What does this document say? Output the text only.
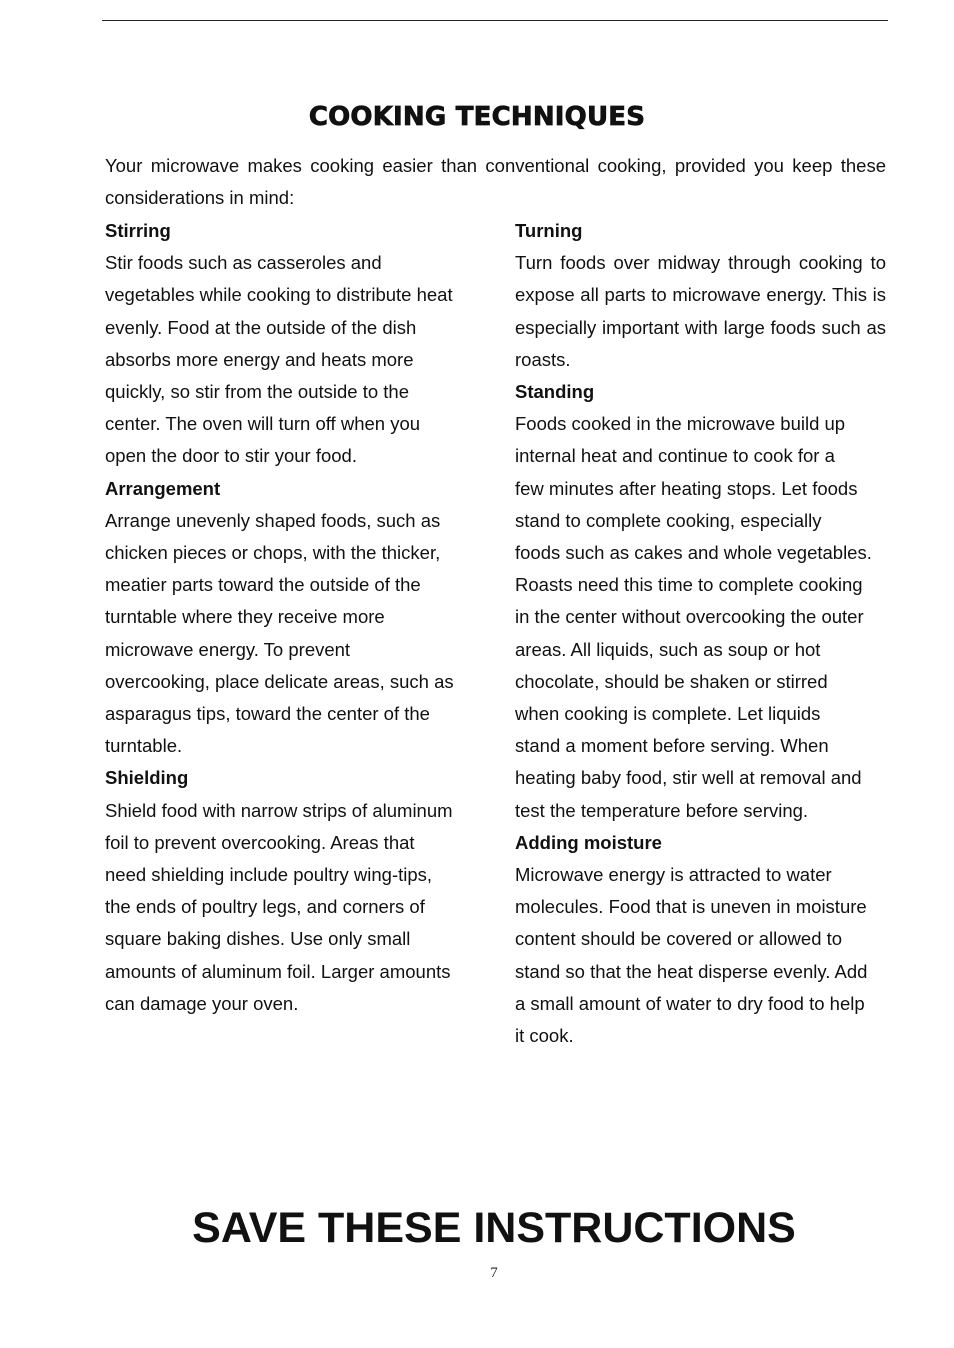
COOKING TECHNIQUES

Your microwave makes cooking easier than conventional cooking, provided you keep these considerations in mind:

Stirring

Stir foods such as casseroles and
vegetables while cooking to distribute heat
evenly. Food at the outside of the dish
absorbs more energy and heats more
quickly, so stir from the outside to the
center. The oven will turn off when you
open the door to stir your food.

Arrangement

Arrange unevenly shaped foods, such as
chicken pieces or chops, with the thicker,
meatier parts toward the outside of the
turntable where they receive more
microwave energy. To prevent
overcooking, place delicate areas, such as
asparagus tips, toward the center of the
turntable.

Shielding

Shield food with narrow strips of aluminum
foil to prevent overcooking. Areas that
need shielding include poultry wing-tips,
the ends of poultry legs, and corners of
square baking dishes. Use only small
amounts of aluminum foil. Larger amounts
can damage your oven.

Turning

Turn foods over midway through cooking to expose all parts to microwave energy. This is especially important with large foods such as roasts.

Standing

Foods cooked in the microwave build up
internal heat and continue to cook for a
few minutes after heating stops. Let foods
stand to complete cooking, especially
foods such as cakes and whole vegetables.
Roasts need this time to complete cooking
in the center without overcooking the outer
areas. All liquids, such as soup or hot
chocolate, should be shaken or stirred
when cooking is complete. Let liquids
stand a moment before serving. When
heating baby food, stir well at removal and
test the temperature before serving.

Adding moisture

Microwave energy is attracted to water
molecules. Food that is uneven in moisture
content should be covered or allowed to
stand so that the heat disperse evenly. Add
a small amount of water to dry food to help
it cook.

SAVE THESE INSTRUCTIONS

7
